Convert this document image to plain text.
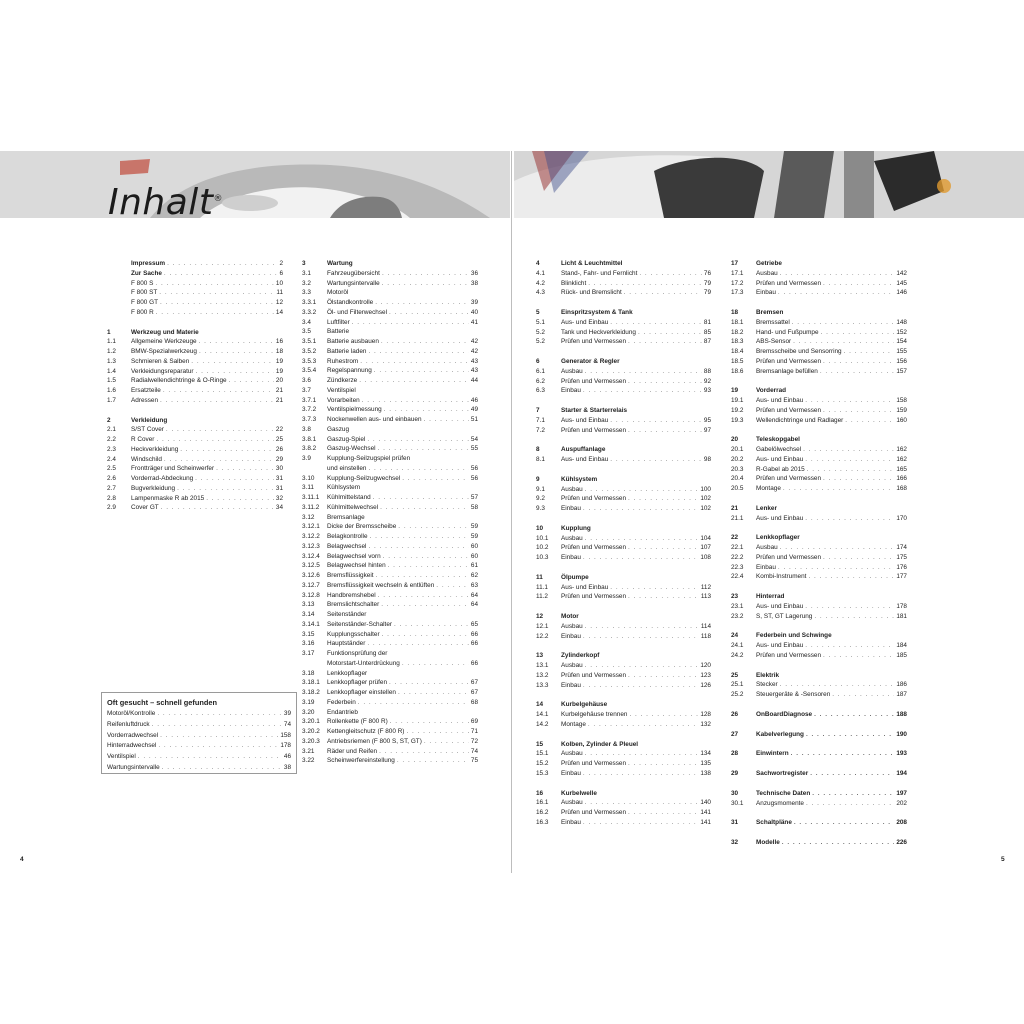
Inhalt®
Impressum . . .	2
Zur Sache . . .	6
F 800 S . . .	10
F 800 ST . . .	11
F 800 GT . . .	12
F 800 R . . .	14
1	Werkzeug und Materie
1.1	Allgemeine Werkzeuge . . .	16
1.2	BMW-Spezialwerkzeug . . .	18
1.3	Schmieren & Salben . . .	19
1.4	Verkleidungsreparatur . . .	19
1.5	Radialwellendichtringe & O-Ringe . . .	20
1.6	Ersatzteile . . .	21
1.7	Adressen . . .	21
2	Verkleidung
2.1	S/ST Cover . . .	22
2.2	R Cover . . .	25
2.3	Heckverkleidung . . .	26
2.4	Windschild . . .	29
2.5	Frontträger und Scheinwerfer . . .	30
2.6	Vorderrad-Abdeckung . . .	31
2.7	Bugverkleidung . . .	31
2.8	Lampenmaske R ab 2015 . . .	32
2.9	Cover GT . . .	34
Oft gesucht – schnell gefunden
Motoröl/Kontrolle . . .	39
Reifenluftdruck . . .	74
Vorderradwechsel . . .	158
Hinterradwechsel . . .	178
Ventilspiel . . .	46
Wartungsintervalle . . .	38
3	Wartung
3.1	Fahrzeugübersicht . . .	36
3.2	Wartungsintervalle . . .	38
3.3	Motoröl
3.3.1	Ölstandkontrolle . . .	39
3.3.2	Öl- und Filterwechsel . . .	40
3.4	Luftfilter . . .	41
3.5	Batterie
3.5.1	Batterie ausbauen . . .	42
3.5.2	Batterie laden . . .	42
3.5.3	Ruhestrom . . .	43
3.5.4	Regelspannung . . .	43
3.6	Zündkerze . . .	44
3.7	Ventilspiel
3.7.1	Vorarbeiten . . .	46
3.7.2	Ventilspielmessung . . .	49
3.7.3	Nockenwellen aus- und einbauen . . .	51
3.8	Gaszug
3.8.1	Gaszug-Spiel . . .	54
3.8.2	Gaszug-Wechsel . . .	55
3.9	Kupplung-Seilzugspiel prüfen
und einstellen . . .	56
3.10	Kupplung-Seilzugwechsel . . .	56
3.11	Kühlsystem
3.11.1	Kühlmittelstand . . .	57
3.11.2	Kühlmittelwechsel . . .	58
3.12	Bremsanlage
3.12.1	Dicke der Bremsscheibe . . .	59
3.12.2	Belagkontrolle . . .	59
3.12.3	Belagwechsel . . .	60
3.12.4	Belagwechsel vorn . . .	60
3.12.5	Belagwechsel hinten . . .	61
3.12.6	Bremsflüssigkeit . . .	62
3.12.7	Bremsflüssigkeit wechseln & entlüften . . .	63
3.12.8	Handbremshebel . . .	64
3.13	Bremslichtschalter . . .	64
3.14	Seitenständer
3.14.1	Seitenständer-Schalter . . .	65
3.15	Kupplungsschalter . . .	66
3.16	Hauptständer . . .	66
3.17	Funktionsprüfung der
Motorstart-Unterdrückung . . .	66
3.18	Lenkkopflager
3.18.1	Lenkkopflager prüfen . . .	67
3.18.2	Lenkkopflager einstellen . . .	67
3.19	Federbein . . .	68
3.20	Endantrieb
3.20.1	Rollenkette (F 800 R) . . .	69
3.20.2	Kettengleitschutz (F 800 R) . . .	71
3.20.3	Antriebsriemen (F 800 S, ST, GT) . . .	72
3.21	Räder und Reifen . . .	74
3.22	Scheinwerfereinstellung . . .	75
4	Licht & Leuchtmittel
4.1	Stand-, Fahr- und Fernlicht . . .	76
4.2	Blinklicht . . .	79
4.3	Rück- und Bremslicht . . .	79
5	Einspritzsystem & Tank
5.1	Aus- und Einbau . . .	81
5.2	Tank und Heckverkleidung . . .	85
5.2	Prüfen und Vermessen . . .	87
6	Generator & Regler
6.1	Ausbau . . .	88
6.2	Prüfen und Vermessen . . .	92
6.3	Einbau . . .	93
7	Starter & Starterrelais
7.1	Aus- und Einbau . . .	95
7.2	Prüfen und Vermessen . . .	97
8	Auspuffanlage
8.1	Aus- und Einbau . . .	98
9	Kühlsystem
9.1	Ausbau . . .	100
9.2	Prüfen und Vermessen . . .	102
9.3	Einbau . . .	102
10	Kupplung
10.1	Ausbau . . .	104
10.2	Prüfen und Vermessen . . .	107
10.3	Einbau . . .	108
11	Ölpumpe
11.1	Aus- und Einbau . . .	112
11.2	Prüfen und Vermessen . . .	113
12	Motor
12.1	Ausbau . . .	114
12.2	Einbau . . .	118
13	Zylinderkopf
13.1	Ausbau . . .	120
13.2	Prüfen und Vermessen . . .	123
13.3	Einbau . . .	126
14	Kurbelgehäuse
14.1	Kurbelgehäuse trennen . . .	128
14.2	Montage . . .	132
15	Kolben, Zylinder & Pleuel
15.1	Ausbau . . .	134
15.2	Prüfen und Vermessen . . .	135
15.3	Einbau . . .	138
16	Kurbelwelle
16.1	Ausbau . . .	140
16.2	Prüfen und Vermessen . . .	141
16.3	Einbau . . .	141
17	Getriebe
17.1	Ausbau . . .	142
17.2	Prüfen und Vermessen . . .	145
17.3	Einbau . . .	146
18	Bremsen
18.1	Bremssattel . . .	148
18.2	Hand- und Fußpumpe . . .	152
18.3	ABS-Sensor . . .	154
18.4	Bremsscheibe und Sensorring . . .	155
18.5	Prüfen und Vermessen . . .	156
18.6	Bremsanlage befüllen . . .	157
19	Vorderrad
19.1	Aus- und Einbau . . .	158
19.2	Prüfen und Vermessen . . .	159
19.3	Wellendichtringe und Radlager . . .	160
20	Teleskopgabel
20.1	Gabelölwechsel . . .	162
20.2	Aus- und Einbau . . .	162
20.3	R-Gabel ab 2015 . . .	165
20.4	Prüfen und Vermessen . . .	166
20.5	Montage . . .	168
21	Lenker
21.1	Aus- und Einbau . . .	170
22	Lenkkopflager
22.1	Ausbau . . .	174
22.2	Prüfen und Vermessen . . .	175
22.3	Einbau . . .	176
22.4	Kombi-Instrument . . .	177
23	Hinterrad
23.1	Aus- und Einbau . . .	178
23.2	S, ST, GT Lagerung . . .	181
24	Federbein und Schwinge
24.1	Aus- und Einbau . . .	184
24.2	Prüfen und Vermessen . . .	185
25	Elektrik
25.1	Stecker . . .	186
25.2	Steuergeräte & -Sensoren . . .	187
26	OnBoardDiagnose . . .	188
27	Kabelverlegung . . .	190
28	Einwintern . . .	193
29	Sachwortregister . . .	194
30	Technische Daten . . .	197
30.1	Anzugsmomente . . .	202
31	Schaltpläne . . .	208
32	Modelle . . .	226
4	5
